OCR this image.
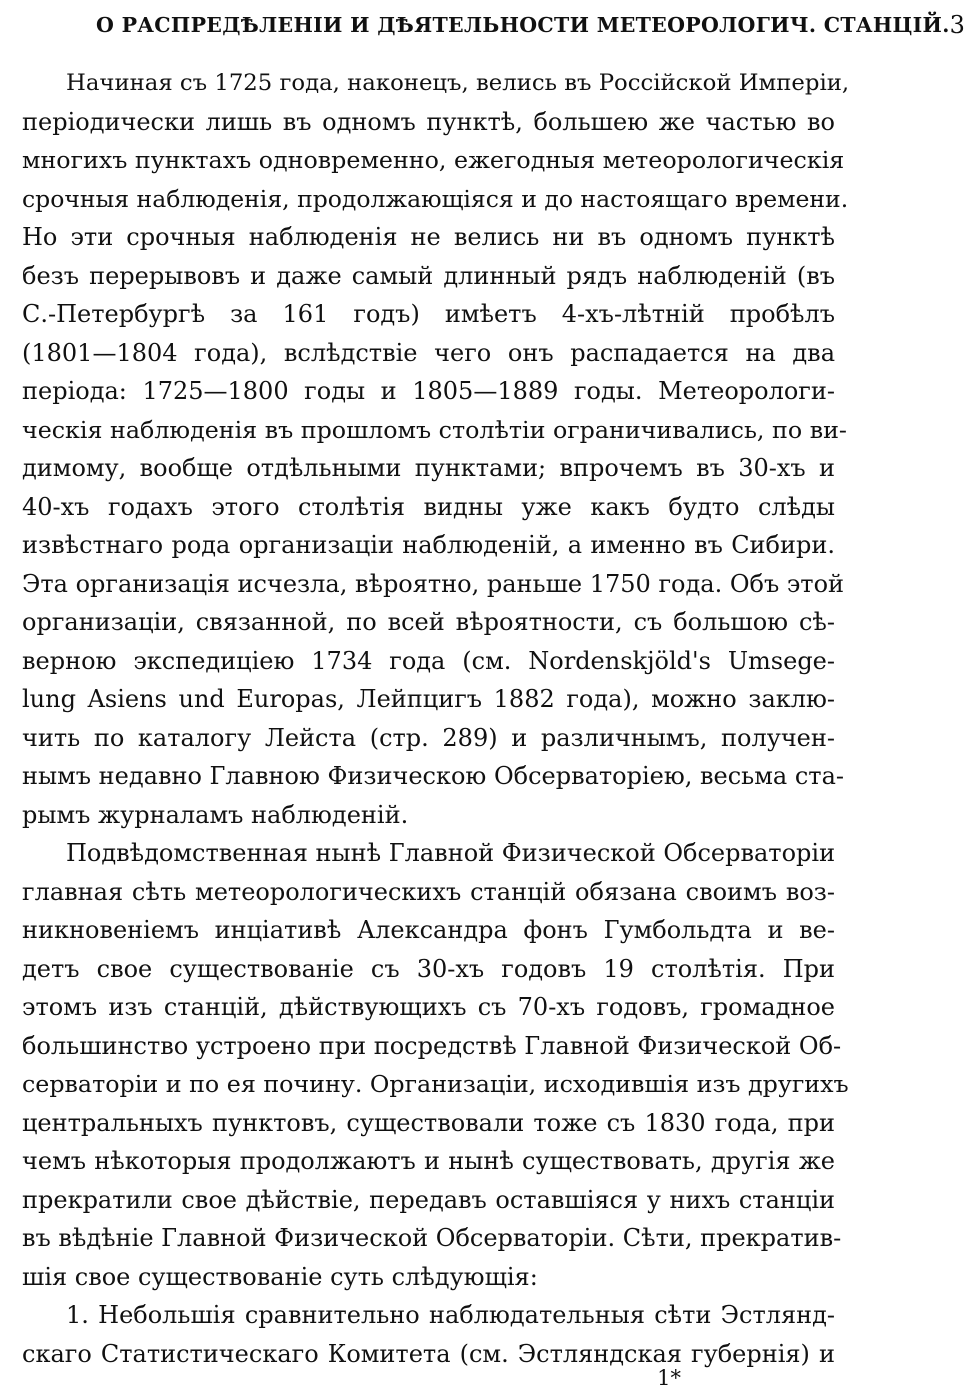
О РАСПРЕДѢЛЕНІИ И ДѢЯТЕЛЬНОСТИ МЕТЕОРОЛОГИЧ. СТАНЦІЙ. 3
Начиная съ 1725 года, наконецъ, велись въ Россійской Имперіи,
періодически лишь въ одномъ пунктѣ, большею же частью во
многихъ пунктахъ одновременно, ежегодныя метеорологическія
срочныя наблюденія, продолжающіяся и до настоящаго времени.
Но эти срочныя наблюденія не велись ни въ одномъ пунктѣ
безъ перерывовъ и даже самый длинный рядъ наблюденій (въ
С.-Петербургѣ за 161 годъ) имѣетъ 4-хъ-лѣтній пробѣлъ
(1801—1804 года), вслѣдствіе чего онъ распадается на два
періода: 1725—1800 годы и 1805—1889 годы. Метеорологи-
ческія наблюденія въ прошломъ столѣтіи ограничивались, по ви-
димому, вообще отдѣльными пунктами; впрочемъ въ 30-хъ и
40-хъ годахъ этого столѣтія видны уже какъ будто слѣды
извѣстнаго рода организаціи наблюденій, а именно въ Сибири.
Эта организація исчезла, вѣроятно, раньше 1750 года. Объ этой
организаціи, связанной, по всей вѣроятности, съ большою сѣ-
верною экспедиціею 1734 года (см. Nordenskjöld's Umsege-
lung Asiens und Europas, Лейпцигъ 1882 года), можно заклю-
чить по каталогу Лейста (стр. 289) и различнымъ, получен-
нымъ недавно Главною Физическою Обсерваторіею, весьма ста-
рымъ журналамъ наблюденій.
Подвѣдомственная нынѣ Главной Физической Обсерваторіи
главная сѣть метеорологическихъ станцій обязана своимъ воз-
никновеніемъ инціативѣ Александра фонъ Гумбольдта и ве-
детъ свое существованіе съ 30-хъ годовъ 19 столѣтія. При
этомъ изъ станцій, дѣйствующихъ съ 70-хъ годовъ, громадное
большинство устроено при посредствѣ Главной Физической Об-
серваторіи и по ея почину. Организаціи, исходившія изъ другихъ
центральныхъ пунктовъ, существовали тоже съ 1830 года, при
чемъ нѣкоторыя продолжаютъ и нынѣ существовать, другія же
прекратили свое дѣйствіе, передавъ оставшіяся у нихъ станціи
въ вѣдѣніе Главной Физической Обсерваторіи. Сѣти, прекратив-
шія свое существованіе суть слѣдующія:
1. Небольшія сравнительно наблюдательныя сѣти Эстлянд-
скаго Статистическаго Комитета (см. Эстляндская губернія) и
1*
